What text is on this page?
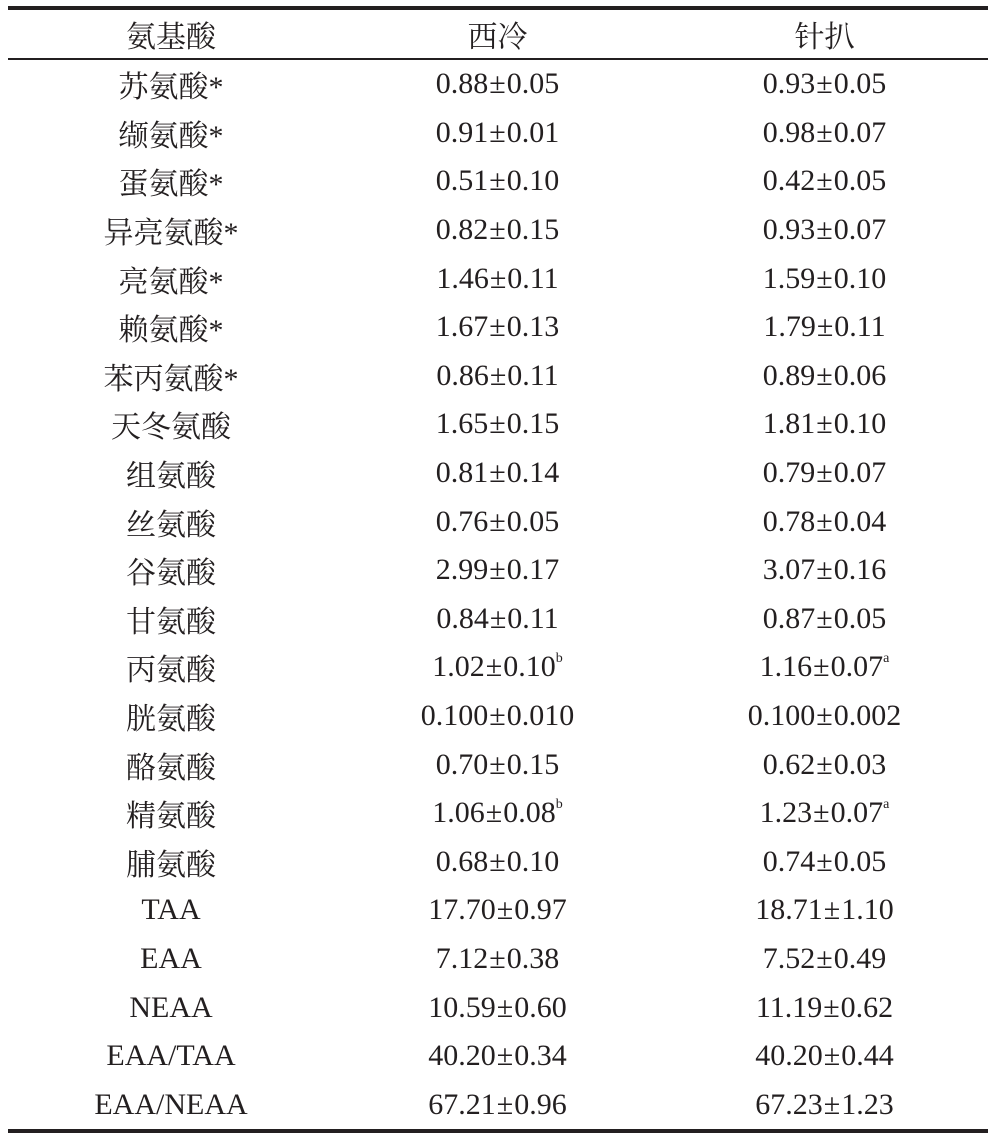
氨基酸	西冷	针扒
苏氨酸*	0.88±0.05	0.93±0.05
缬氨酸*	0.91±0.01	0.98±0.07
蛋氨酸*	0.51±0.10	0.42±0.05
异亮氨酸*	0.82±0.15	0.93±0.07
亮氨酸*	1.46±0.11	1.59±0.10
赖氨酸*	1.67±0.13	1.79±0.11
苯丙氨酸*	0.86±0.11	0.89±0.06
天冬氨酸	1.65±0.15	1.81±0.10
组氨酸	0.81±0.14	0.79±0.07
丝氨酸	0.76±0.05	0.78±0.04
谷氨酸	2.99±0.17	3.07±0.16
甘氨酸	0.84±0.11	0.87±0.05
丙氨酸	1.02±0.10$^b$	1.16±0.07$^a$
胱氨酸	0.100±0.010	0.100±0.002
酪氨酸	0.70±0.15	0.62±0.03
精氨酸	1.06±0.08$^b$	1.23±0.07$^a$
脯氨酸	0.68±0.10	0.74±0.05
TAA	17.70±0.97	18.71±1.10
EAA	7.12±0.38	7.52±0.49
NEAA	10.59±0.60	11.19±0.62
EAA/TAA	40.20±0.34	40.20±0.44
EAA/NEAA	67.21±0.96	67.23±1.23
